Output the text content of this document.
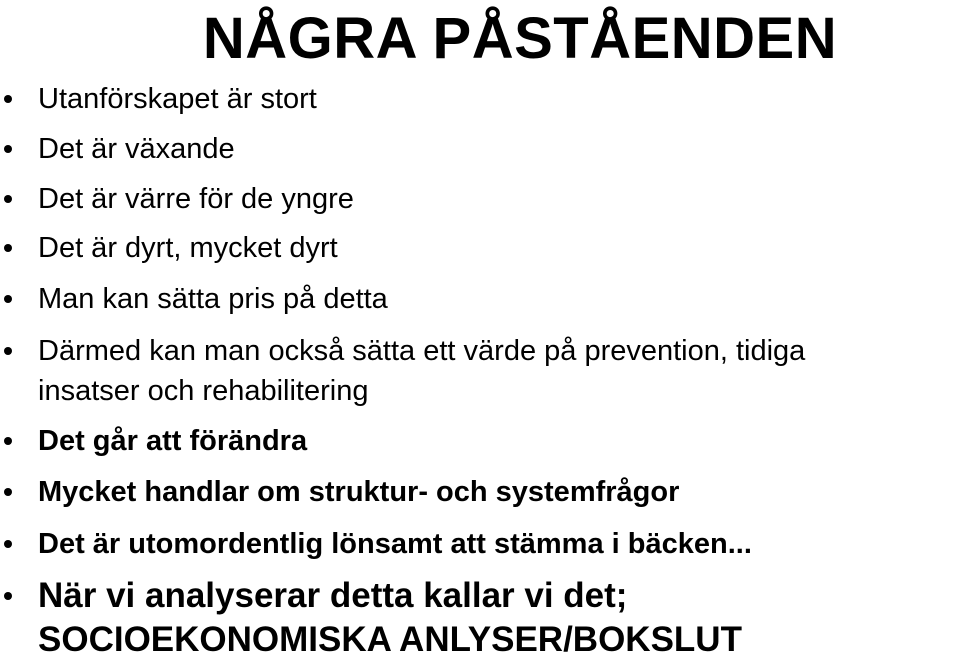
NÅGRA PÅSTÅENDEN
Utanförskapet är stort
Det är växande
Det är värre för de yngre
Det är dyrt, mycket dyrt
Man kan sätta pris på detta
Därmed kan man också sätta ett värde på prevention, tidiga
insatser och rehabilitering
Det går att förändra
Mycket handlar om struktur- och systemfrågor
Det är utomordentlig lönsamt att stämma i bäcken...
När vi analyserar detta kallar vi det;
SOCIOEKONOMISKA ANLYSER/BOKSLUT
